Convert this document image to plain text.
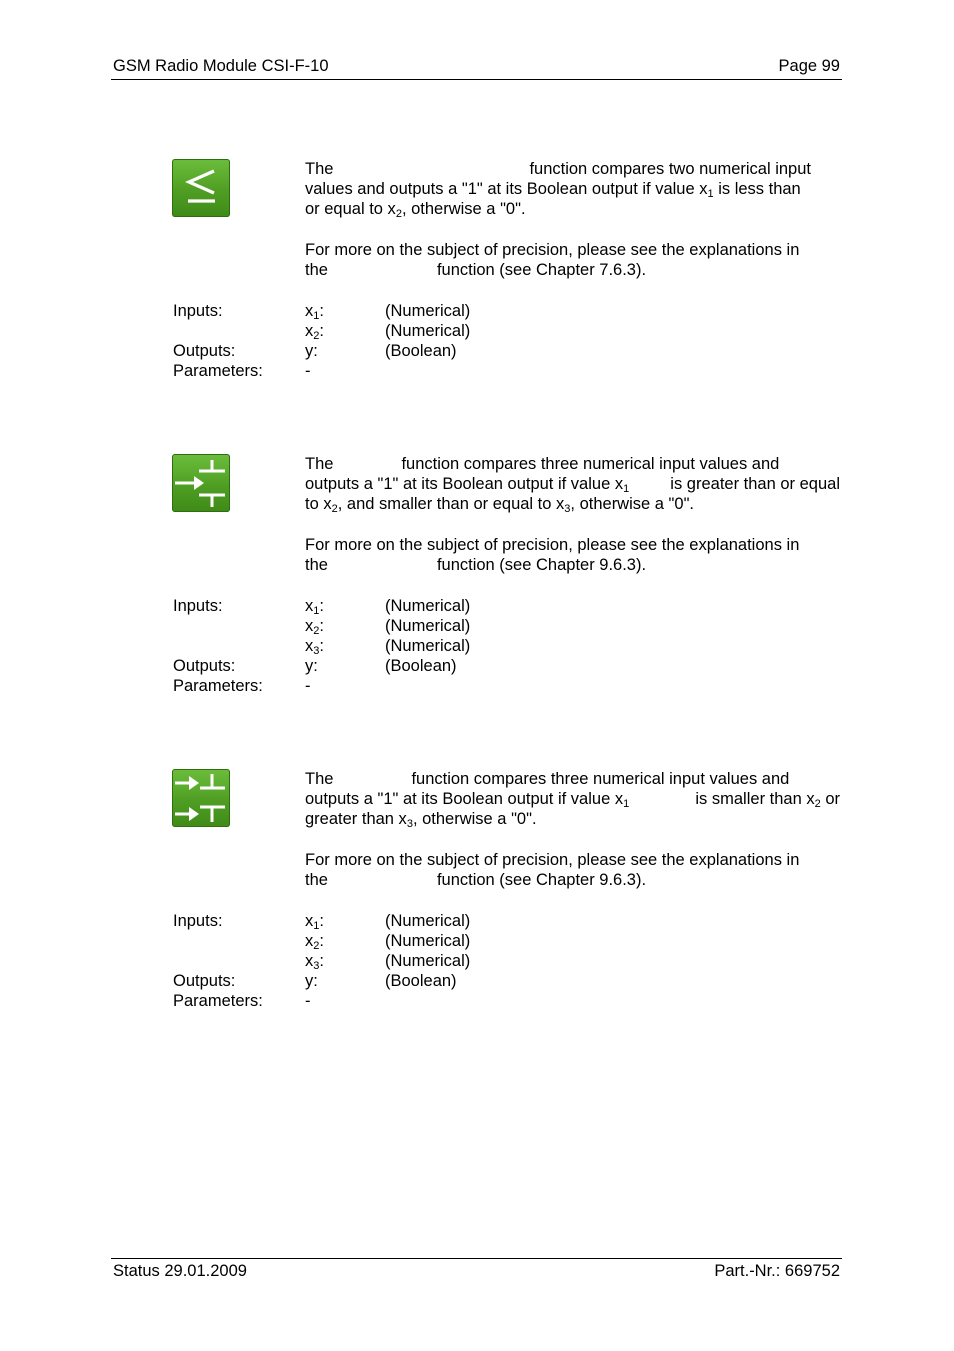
GSM Radio Module CSI-F-10	Page 99
The	function compares two numerical input
values and outputs a "1" at its Boolean output if value $x_1$ is less than
or equal to $x_2$, otherwise a "0".
For more on the subject of precision, please see the explanations in
the	function (see Chapter 7.6.3).
Inputs:	$x_1$:	(Numerical)
$x_2$:	(Numerical)
Outputs:	y:	(Boolean)
Parameters:	-
The	function compares three numerical input values and
outputs a "1" at its Boolean output if value $x_1$ is greater than or equal
to $x_2$, and smaller than or equal to $x_3$, otherwise a "0".
For more on the subject of precision, please see the explanations in
the	function (see Chapter 9.6.3).
Inputs:	$x_1$:	(Numerical)
$x_2$:	(Numerical)
$x_3$:	(Numerical)
Outputs:	y:	(Boolean)
Parameters:	-
The	function compares three numerical input values and
outputs a "1" at its Boolean output if value $x_1$	is smaller than $x_2$ or
greater than $x_3$, otherwise a "0".
For more on the subject of precision, please see the explanations in
the	function (see Chapter 9.6.3).
Inputs:	$x_1$:	(Numerical)
$x_2$:	(Numerical)
$x_3$:	(Numerical)
Outputs:	y:	(Boolean)
Parameters:	-
Status 29.01.2009	Part.-Nr.: 669752
